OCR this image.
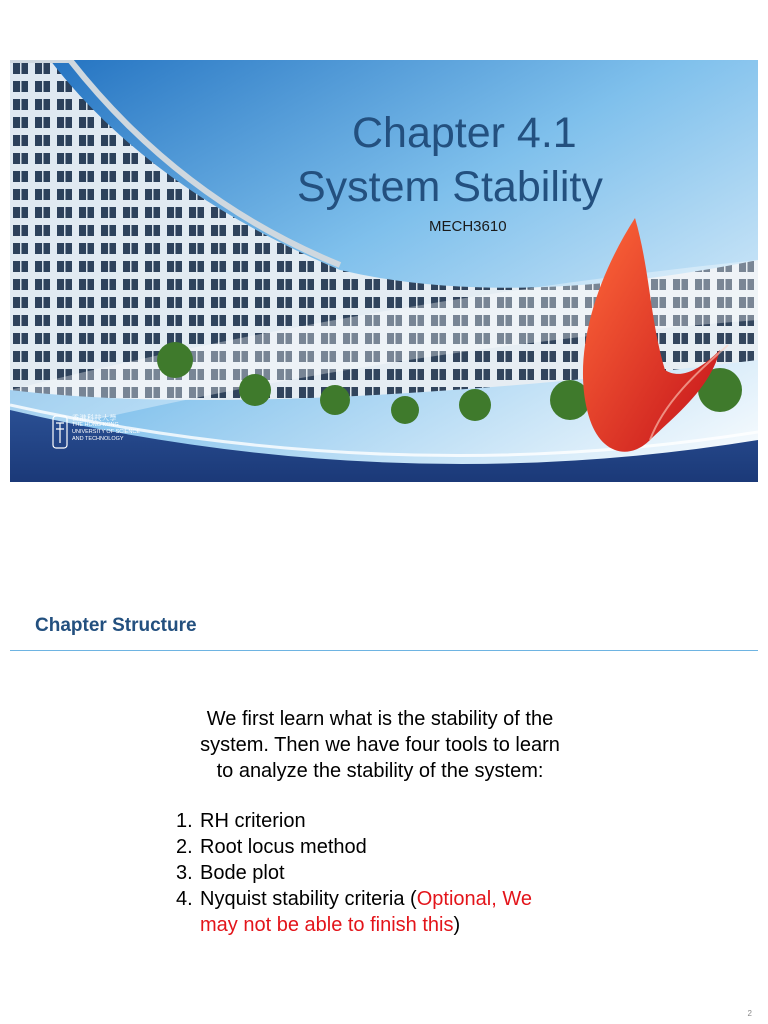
Chapter 4.1
System Stability
MECH3610
香港科技大學
THE HONG KONG
UNIVERSITY OF SCIENCE
AND TECHNOLOGY
Chapter Structure
We first learn what is the stability of the
system. Then we have four tools to learn
to analyze the stability of the system:
1. RH criterion
2. Root locus method
3. Bode plot
4. Nyquist stability criteria (Optional, We
may not be able to finish this)
2
